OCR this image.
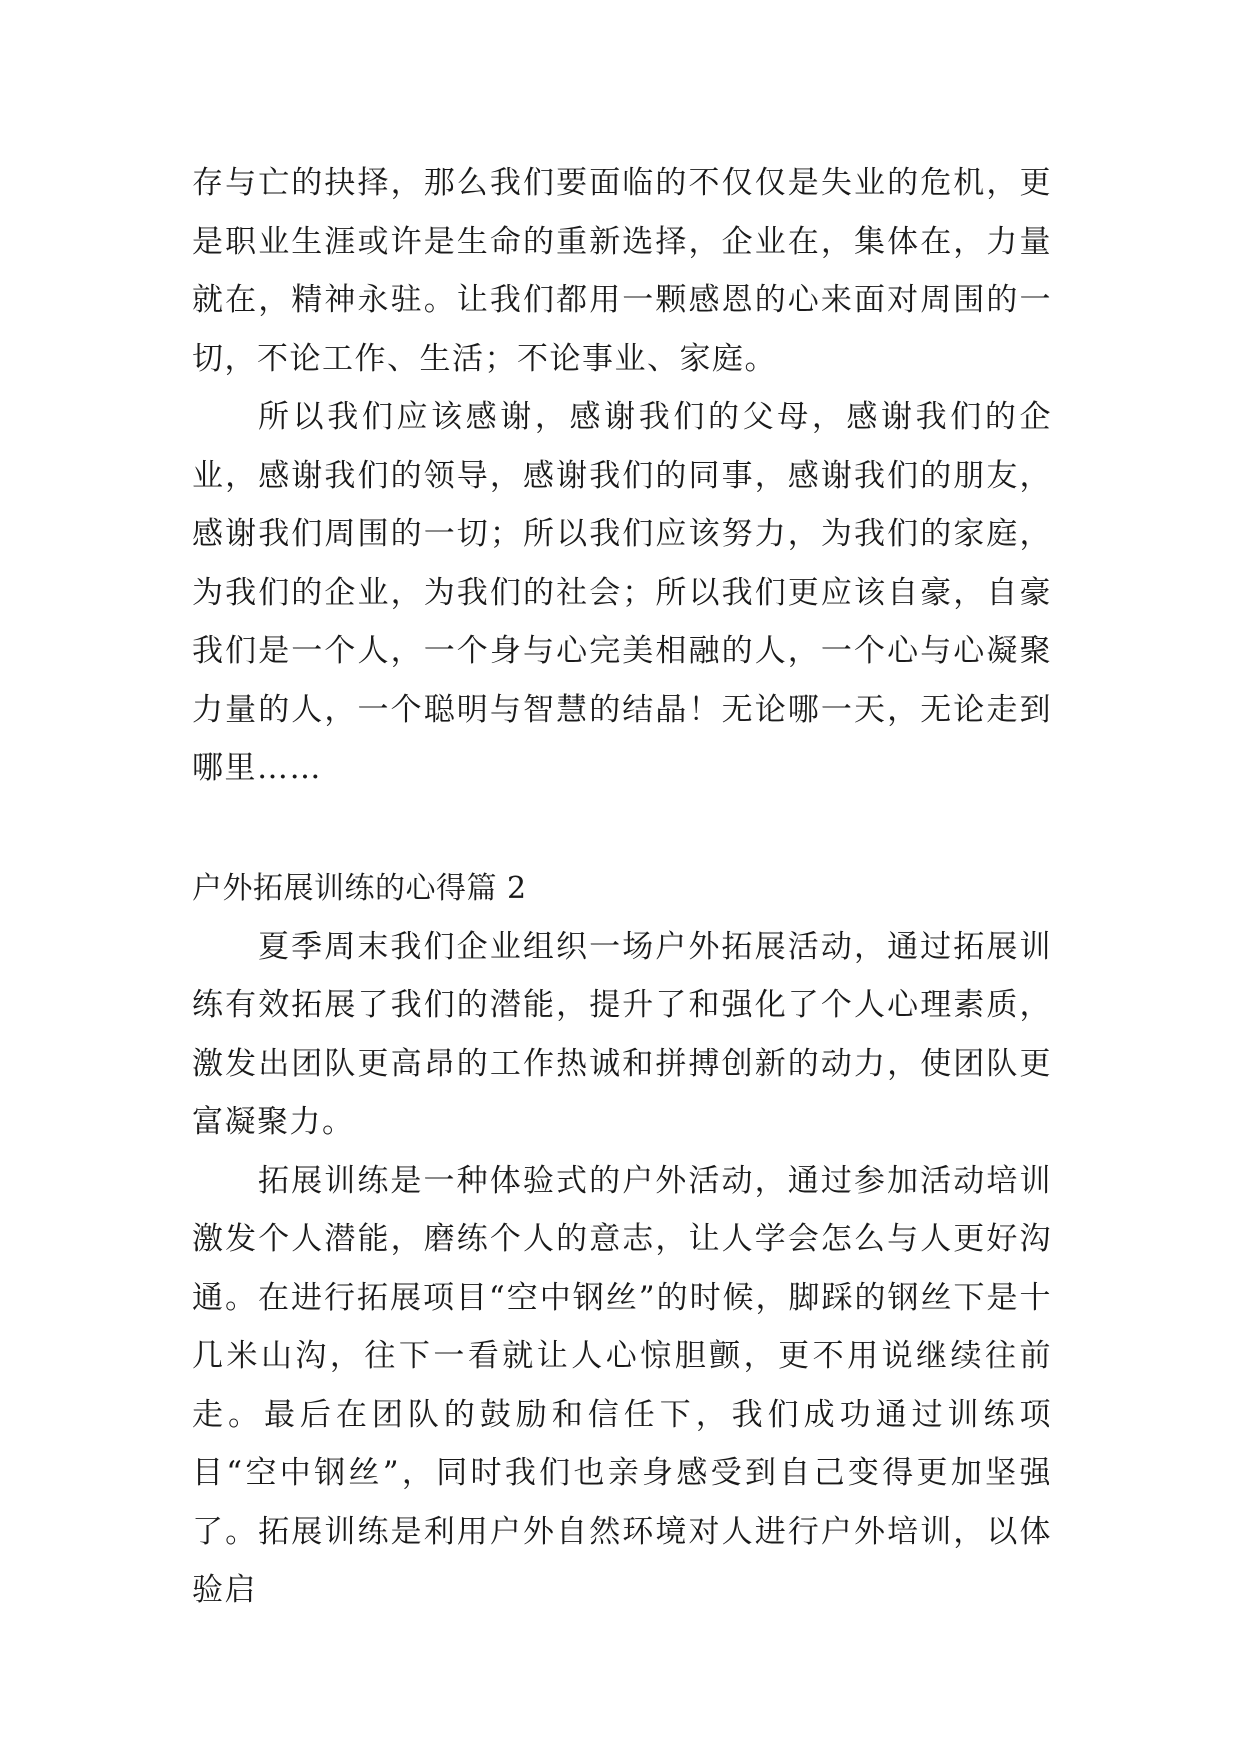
存与亡的抉择，那么我们要面临的不仅仅是失业的危机，更是职业生涯或许是生命的重新选择，企业在，集体在，力量就在，精神永驻。让我们都用一颗感恩的心来面对周围的一切，不论工作、生活；不论事业、家庭。

所以我们应该感谢，感谢我们的父母，感谢我们的企业，感谢我们的领导，感谢我们的同事，感谢我们的朋友，感谢我们周围的一切；所以我们应该努力，为我们的家庭，为我们的企业，为我们的社会；所以我们更应该自豪，自豪我们是一个人，一个身与心完美相融的人，一个心与心凝聚力量的人，一个聪明与智慧的结晶！无论哪一天，无论走到哪里……

户外拓展训练的心得篇 2

夏季周末我们企业组织一场户外拓展活动，通过拓展训练有效拓展了我们的潜能，提升了和强化了个人心理素质，激发出团队更高昂的工作热诚和拼搏创新的动力，使团队更富凝聚力。

拓展训练是一种体验式的户外活动，通过参加活动培训激发个人潜能，磨练个人的意志，让人学会怎么与人更好沟通。在进行拓展项目“空中钢丝”的时候，脚踩的钢丝下是十几米山沟，往下一看就让人心惊胆颤，更不用说继续往前走。最后在团队的鼓励和信任下，我们成功通过训练项目“空中钢丝”，同时我们也亲身感受到自己变得更加坚强了。拓展训练是利用户外自然环境对人进行户外培训，以体验启
